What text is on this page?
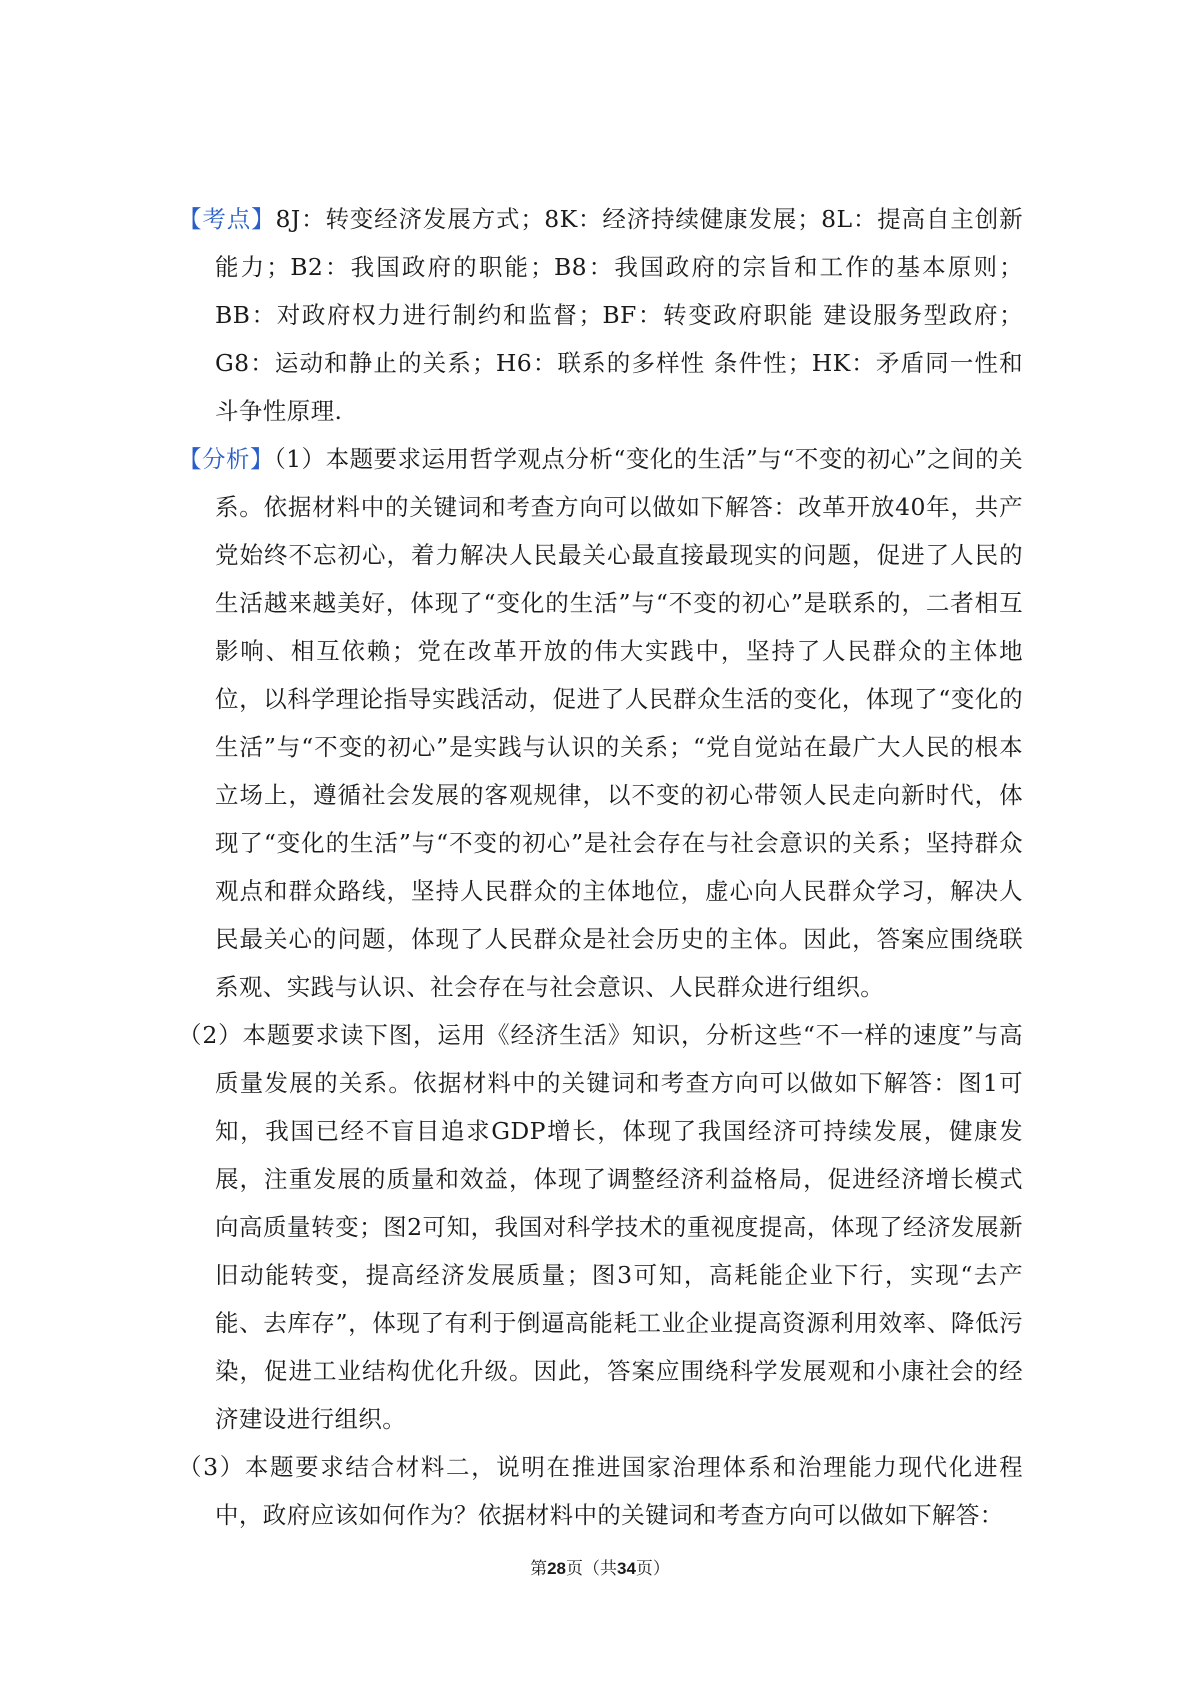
【考点】8J：转变经济发展方式；8K：经济持续健康发展；8L：提高自主创新能力；B2：我国政府的职能；B8：我国政府的宗旨和工作的基本原则；BB：对政府权力进行制约和监督；BF：转变政府职能 建设服务型政府；G8：运动和静止的关系；H6：联系的多样性 条件性；HK：矛盾同一性和斗争性原理.

【分析】（1）本题要求运用哲学观点分析“变化的生活”与“不变的初心”之间的关系。依据材料中的关键词和考查方向可以做如下解答：改革开放40年，共产党始终不忘初心，着力解决人民最关心最直接最现实的问题，促进了人民的生活越来越美好，体现了“变化的生活”与“不变的初心”是联系的，二者相互影响、相互依赖；党在改革开放的伟大实践中，坚持了人民群众的主体地位，以科学理论指导实践活动，促进了人民群众生活的变化，体现了“变化的生活”与“不变的初心”是实践与认识的关系；“党自觉站在最广大人民的根本立场上，遵循社会发展的客观规律，以不变的初心带领人民走向新时代，体现了“变化的生活”与“不变的初心”是社会存在与社会意识的关系；坚持群众观点和群众路线，坚持人民群众的主体地位，虚心向人民群众学习，解决人民最关心的问题，体现了人民群众是社会历史的主体。因此，答案应围绕联系观、实践与认识、社会存在与社会意识、人民群众进行组织。

（2）本题要求读下图，运用《经济生活》知识，分析这些“不一样的速度”与高质量发展的关系。依据材料中的关键词和考查方向可以做如下解答：图1可知，我国已经不盲目追求GDP增长，体现了我国经济可持续发展，健康发展，注重发展的质量和效益，体现了调整经济利益格局，促进经济增长模式向高质量转变；图2可知，我国对科学技术的重视度提高，体现了经济发展新旧动能转变，提高经济发展质量；图3可知，高耗能企业下行，实现“去产能、去库存”，体现了有利于倒逼高能耗工业企业提高资源利用效率、降低污染，促进工业结构优化升级。因此，答案应围绕科学发展观和小康社会的经济建设进行组织。

（3）本题要求结合材料二，说明在推进国家治理体系和治理能力现代化进程中，政府应该如何作为？依据材料中的关键词和考查方向可以做如下解答：

第28页（共34页）
